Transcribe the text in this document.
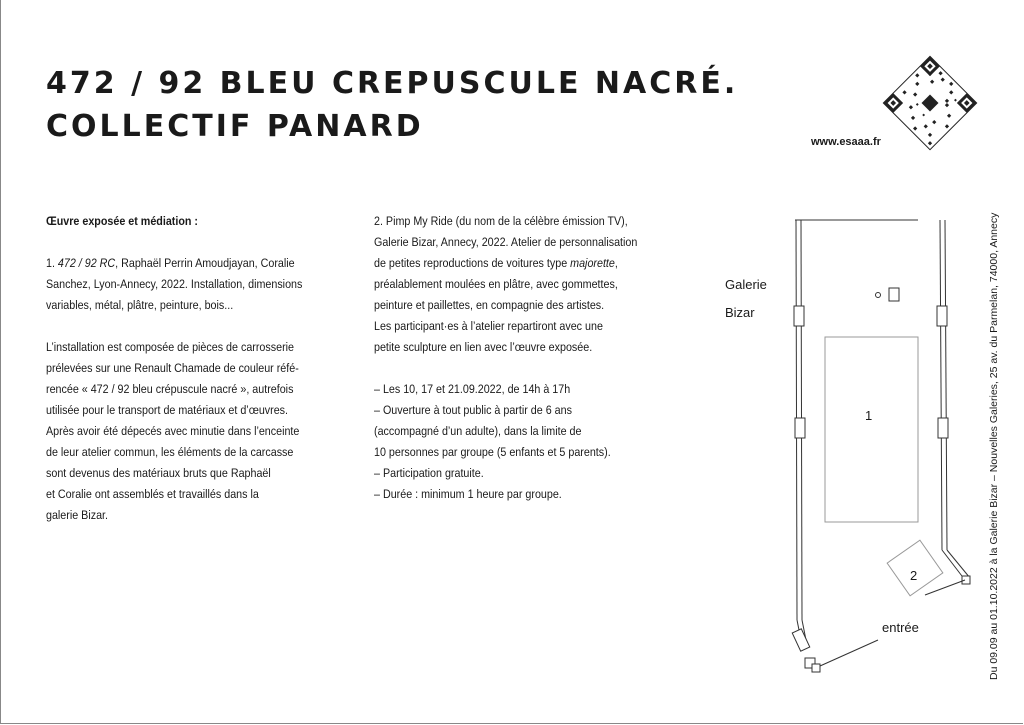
472 / 92 BLEU CREPUSCULE NACRÉ.
COLLECTIF PANARD	www.esaaa.fr

Œuvre exposée et médiation :

1. 472 / 92 RC, Raphaël Perrin Amoudjayan, Coralie

Sanchez, Lyon-Annecy, 2022. Installation, dimensions

variables, métal, plâtre, peinture, bois...

L’installation est composée de pièces de carrosserie

prélevées sur une Renault Chamade de couleur réfé-

rencée « 472 / 92 bleu crépuscule nacré », autrefois

utilisée pour le transport de matériaux et d’œuvres.

Après avoir été dépecés avec minutie dans l’enceinte

de leur atelier commun, les éléments de la carcasse

sont devenus des matériaux bruts que Raphaël

et Coralie ont assemblés et travaillés dans la

galerie Bizar.

2. Pimp My Ride (du nom de la célèbre émission TV),

Galerie Bizar, Annecy, 2022. Atelier de personnalisation

de petites reproductions de voitures type majorette,

préalablement moulées en plâtre, avec gommettes,

peinture et paillettes, en compagnie des artistes.

Les participant·es à l’atelier repartiront avec une

petite sculpture en lien avec l’œuvre exposée.

– Les 10, 17 et 21.09.2022, de 14h à 17h

– Ouverture à tout public à partir de 6 ans

(accompagné d’un adulte), dans la limite de

10 personnes par groupe (5 enfants et 5 parents).

– Participation gratuite.

– Durée : minimum 1 heure par groupe.

Galerie
Bizar
1
2
entrée	Du 09.09 au 01.10.2022 à la Galerie Bizar – Nouvelles Galeries, 25 av. du Parmelan, 74000, Annecy
